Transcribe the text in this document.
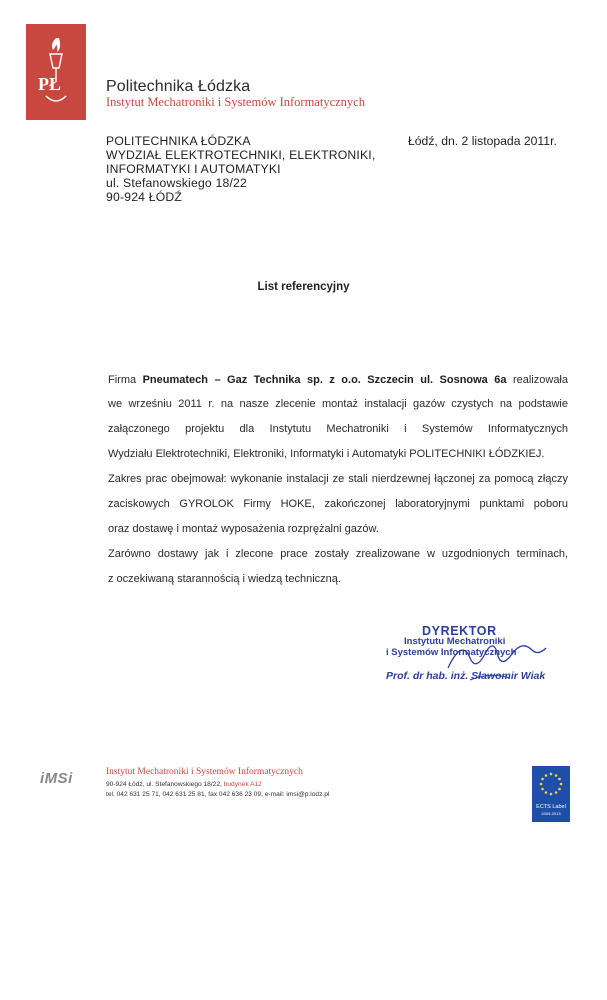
PŁ	Politechnika Łódzka
Instytut Mechatroniki i Systemów Informatycznych
POLITECHNIKA ŁÓDZKA
WYDZIAŁ ELEKTROTECHNIKI, ELEKTRONIKI,
INFORMATYKI I AUTOMATYKI
ul. Stefanowskiego 18/22
90-924 ŁÓDŹ
Łódź, dn. 2 listopada 2011r.
List referencyjny
Firma Pneumatech – Gaz Technika sp. z o.o. Szczecin ul. Sosnowa 6a realizowała
we wrześniu 2011 r. na nasze zlecenie montaż instalacji gazów czystych na podstawie
załączonego projektu dla Instytutu Mechatroniki i Systemów Informatycznych
Wydziału Elektrotechniki, Elektroniki, Informatyki i Automatyki POLITECHNIKI ŁÓDZKIEJ.
Zakres prac obejmował: wykonanie instalacji ze stali nierdzewnej łączonej za pomocą złączy
zaciskowych GYROLOK Firmy HOKE, zakończonej laboratoryjnymi punktami poboru
oraz dostawę i montaż wyposażenia rozprężalni gazów.
Zarówno dostawy jak i zlecone prace zostały zrealizowane w uzgodnionych terminach,
z oczekiwaną starannością i wiedzą techniczną.
DYREKTOR
Instytutu Mechatroniki
i Systemów Informatycznych
Prof. dr hab. inż. Sławomir Wiak
iMSi	Instytut Mechatroniki i Systemów Informatycznych
90-924 Łódź, ul. Stefanowskiego 18/22, budynek A12
tel. 042 631 25 71, 042 631 25 81, fax 042 636 23 09, e-mail: imsi@p.lodz.pl
ECTS Label
2009-2013
